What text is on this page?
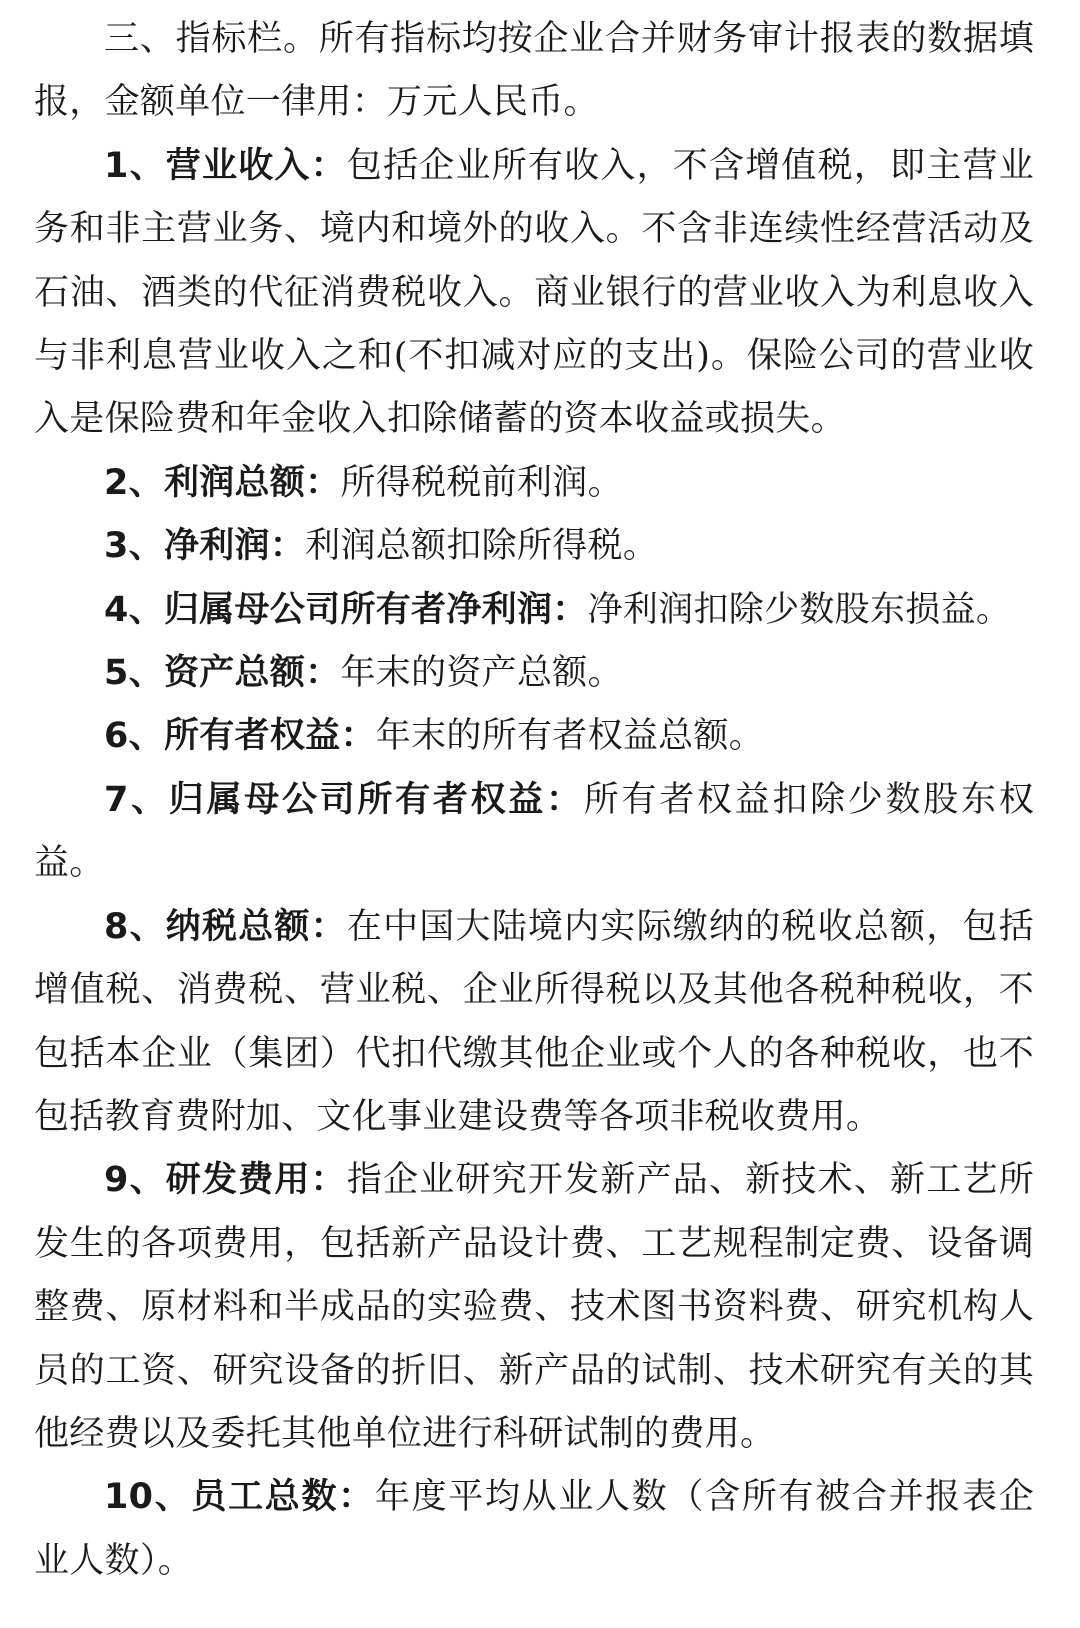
三、指标栏。所有指标均按企业合并财务审计报表的数据填报，金额单位一律用：万元人民币。

1、营业收入：包括企业所有收入，不含增值税，即主营业务和非主营业务、境内和境外的收入。不含非连续性经营活动及石油、酒类的代征消费税收入。商业银行的营业收入为利息收入与非利息营业收入之和(不扣减对应的支出)。保险公司的营业收入是保险费和年金收入扣除储蓄的资本收益或损失。

2、利润总额：所得税税前利润。

3、净利润：利润总额扣除所得税。

4、归属母公司所有者净利润：净利润扣除少数股东损益。

5、资产总额：年末的资产总额。

6、所有者权益：年末的所有者权益总额。

7、归属母公司所有者权益：所有者权益扣除少数股东权益。

8、纳税总额：在中国大陆境内实际缴纳的税收总额，包括增值税、消费税、营业税、企业所得税以及其他各税种税收，不包括本企业（集团）代扣代缴其他企业或个人的各种税收，也不包括教育费附加、文化事业建设费等各项非税收费用。

9、研发费用：指企业研究开发新产品、新技术、新工艺所发生的各项费用，包括新产品设计费、工艺规程制定费、设备调整费、原材料和半成品的实验费、技术图书资料费、研究机构人员的工资、研究设备的折旧、新产品的试制、技术研究有关的其他经费以及委托其他单位进行科研试制的费用。

10、员工总数：年度平均从业人数（含所有被合并报表企业人数）。
